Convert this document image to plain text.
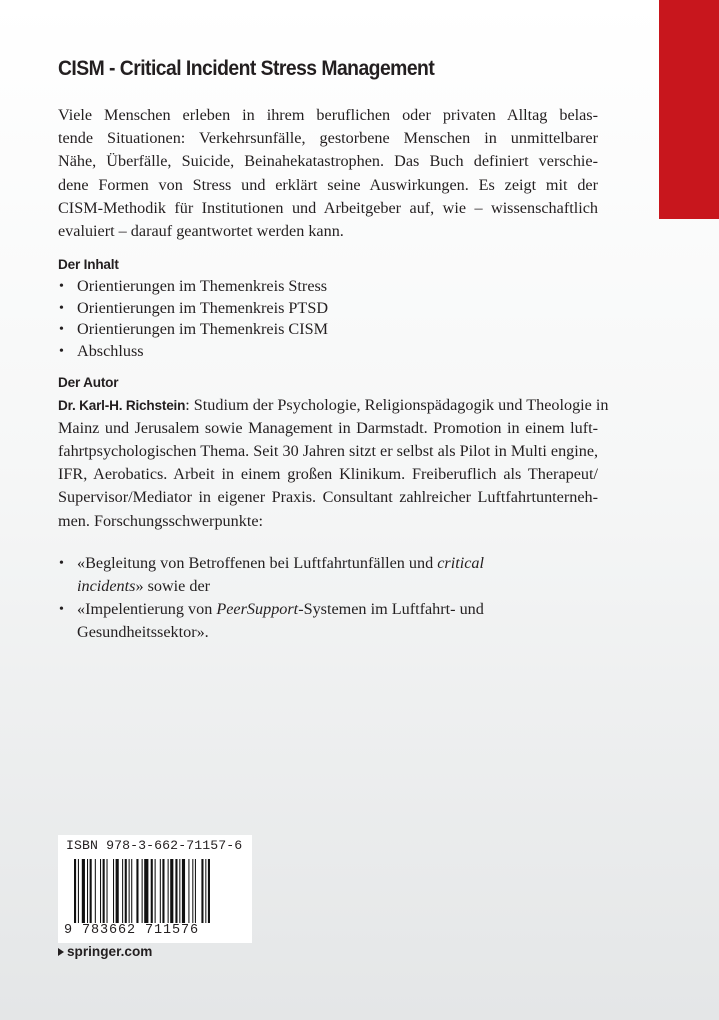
CISM - Critical Incident Stress Management
Viele Menschen erleben in ihrem beruflichen oder privaten Alltag belas-
tende Situationen: Verkehrsunfälle, gestorbene Menschen in unmittelbarer
Nähe, Überfälle, Suicide, Beinahekatastrophen. Das Buch definiert verschie-
dene Formen von Stress und erklärt seine Auswirkungen. Es zeigt mit der
CISM-Methodik für Institutionen und Arbeitgeber auf, wie – wissenschaftlich
evaluiert – darauf geantwortet werden kann.
Der Inhalt
• Orientierungen im Themenkreis Stress
• Orientierungen im Themenkreis PTSD
• Orientierungen im Themenkreis CISM
• Abschluss
Der Autor
Dr. Karl-H. Richstein: Studium der Psychologie, Religionspädagogik und Theologie in
Mainz und Jerusalem sowie Management in Darmstadt. Promotion in einem luft-
fahrtpsychologischen Thema. Seit 30 Jahren sitzt er selbst als Pilot in Multi engine,
IFR, Aerobatics. Arbeit in einem großen Klinikum. Freiberuflich als Therapeut/
Supervisor/Mediator in eigener Praxis. Consultant zahlreicher Luftfahrtunterneh-
men. Forschungsschwerpunkte:
• «Begleitung von Betroffenen bei Luftfahrtunfällen und critical
incidents» sowie der
• «Impelentierung von PeerSupport-Systemen im Luftfahrt- und
Gesundheitssektor».
ISBN 978-3-662-71157-6
9 783662 711576
springer.com
